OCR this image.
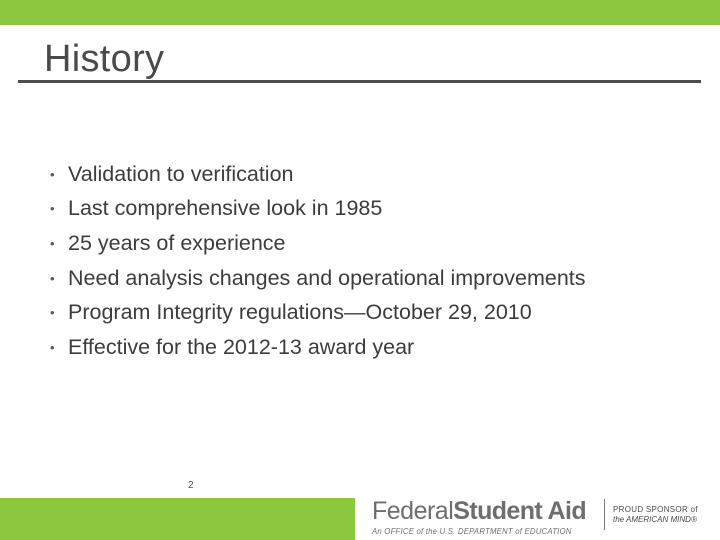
History
• Validation to verification
• Last comprehensive look in 1985
• 25 years of experience
• Need analysis changes and operational improvements
• Program Integrity regulations—October 29, 2010
• Effective for the 2012-13 award year
2
Federal Student Aid
An OFFICE of the U.S. DEPARTMENT of EDUCATION
PROUD SPONSOR of
the AMERICAN MIND®
